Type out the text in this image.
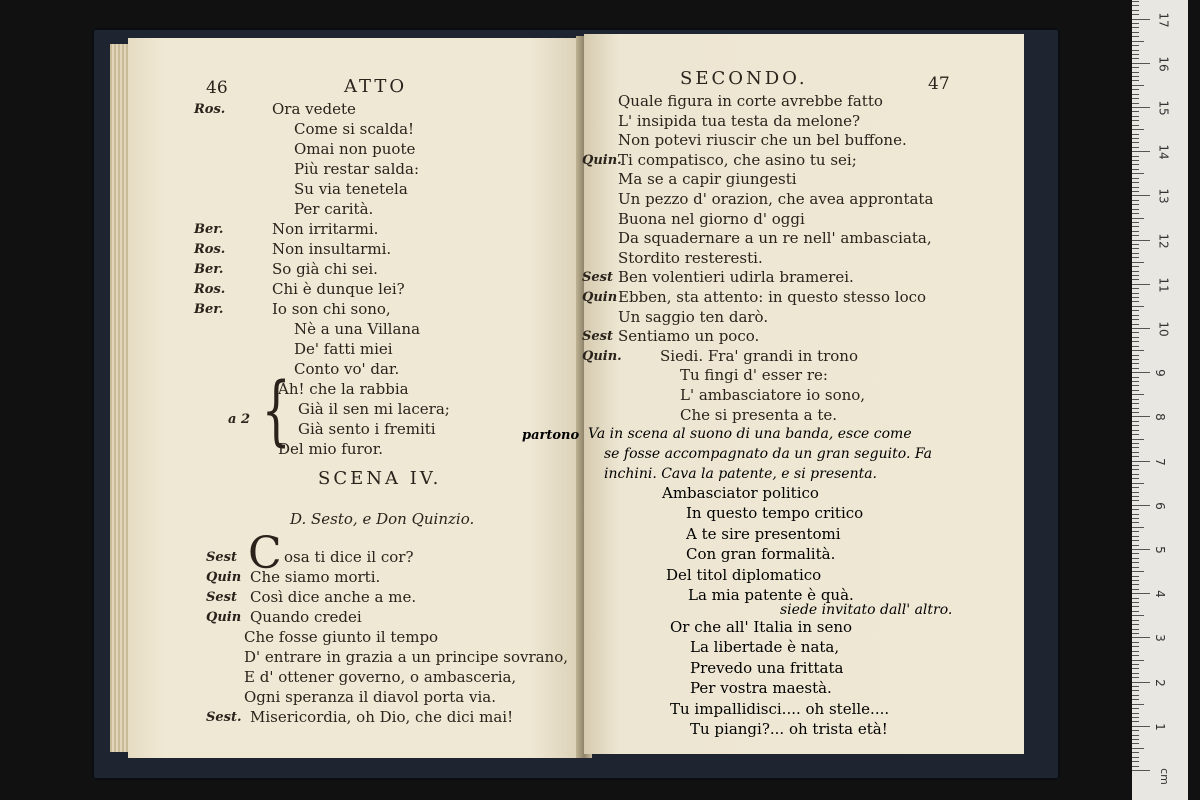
46	ATTO
Ros.	Ora vedete
Come si scalda!
Omai non puote
Più restar salda:
Su via tenetela
Per carità.
Ber.	Non irritarmi.
Ros.	Non insultarmi.
Ber.	So già chi sei.
Ros.	Chi è dunque lei?
Ber.	Io son chi sono,
Nè a una Villana
De' fatti miei
Conto vo' dar.
Ah! che la rabbia
Già il sen mi lacera;
Già sento i fremiti
Del mio furor.
{
a 2
SCENA IV.
D. Sesto, e Don Quinzio.
C
Sest	osa ti dice il cor?
Quin Che siamo morti.
Sest Così dice anche a me.
Quin Quando credei
Che fosse giunto il tempo
D' entrare in grazia a un principe sovrano,
E d' ottener governo, o ambasceria,
Ogni speranza il diavol porta via.
Sest. Misericordia, oh Dio, che dici mai!
SECONDO.	47
Quale figura in corte avrebbe fatto
L' insipida tua testa da melone?
Non potevi riuscir che un bel buffone.
Quin.
Ti compatisco, che asino tu sei;
Ma se a capir giungesti
Un pezzo d' orazion, che avea approntata
Buona nel giorno d' oggi
Da squadernare a un re nell' ambasciata,
Stordito resteresti.
Sest Ben volentieri udirla bramerei.
Quin Ebben, sta attento: in questo stesso loco
Un saggio ten darò.
Sest Sentiamo un poco.
Quin.	Siedi. Fra' grandi in trono
Tu fingi d' esser re:
L' ambasciatore io sono,
Che si presenta a te.
partono Va in scena al suono di una banda, esce come
se fosse accompagnato da un gran seguito. Fa
inchini. Cava la patente, e si presenta.
Ambasciator politico
In questo tempo critico
A te sire presentomi
Con gran formalità.
Del titol diplomatico
La mia patente è quà.
siede invitato dall' altro.
Or che all' Italia in seno
La libertade è nata,
Prevedo una frittata
Per vostra maestà.
Tu impallidisci.... oh stelle....
Tu piangi?... oh trista età!	1
2
3
4
5
6
7
8
9
10
11
12
13
14
15
16
17
cm
